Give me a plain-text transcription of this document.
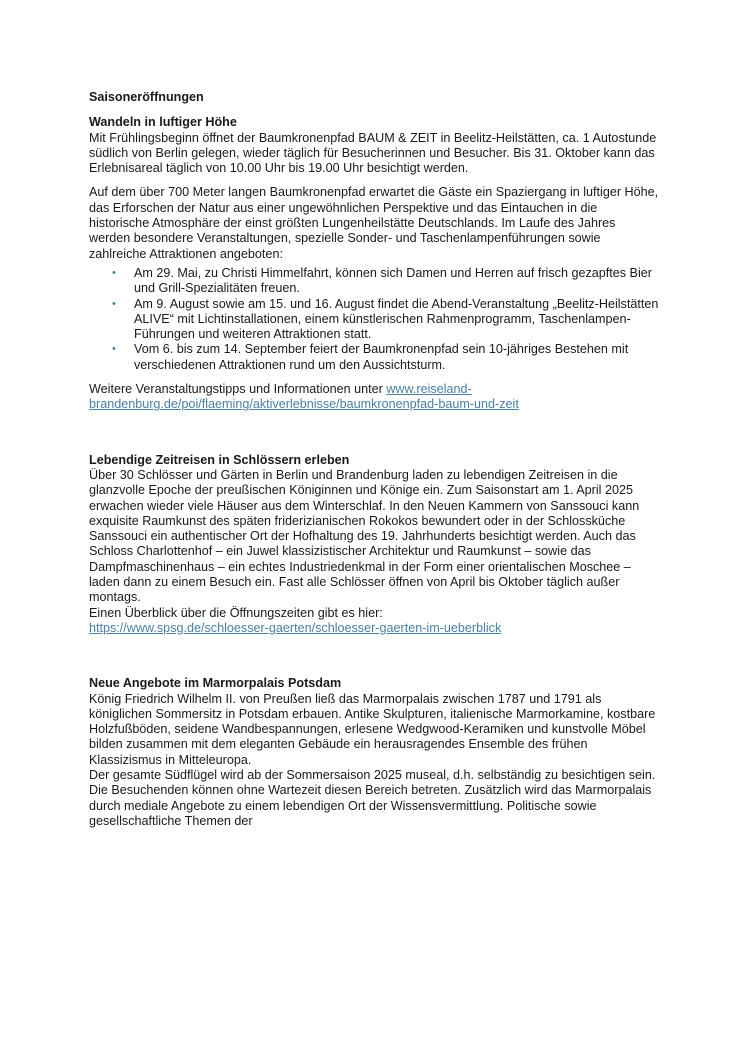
Saisoneröffnungen

Wandeln in luftiger Höhe

Mit Frühlingsbeginn öffnet der Baumkronenpfad BAUM & ZEIT in Beelitz-Heilstätten, ca. 1 Autostunde südlich von Berlin gelegen, wieder täglich für Besucherinnen und Besucher. Bis 31. Oktober kann das Erlebnisareal täglich von 10.00 Uhr bis 19.00 Uhr besichtigt werden.

Auf dem über 700 Meter langen Baumkronenpfad erwartet die Gäste ein Spaziergang in luftiger Höhe, das Erforschen der Natur aus einer ungewöhnlichen Perspektive und das Eintauchen in die historische Atmosphäre der einst größten Lungenheilstätte Deutschlands. Im Laufe des Jahres werden besondere Veranstaltungen, spezielle Sonder- und Taschenlampenführungen sowie zahlreiche Attraktionen angeboten:

• Am 29. Mai, zu Christi Himmelfahrt, können sich Damen und Herren auf frisch gezapftes Bier und Grill-Spezialitäten freuen.
• Am 9. August sowie am 15. und 16. August findet die Abend-Veranstaltung „Beelitz-Heilstätten ALIVE“ mit Lichtinstallationen, einem künstlerischen Rahmenprogramm, Taschenlampen-Führungen und weiteren Attraktionen statt.
• Vom 6. bis zum 14. September feiert der Baumkronenpfad sein 10-jähriges Bestehen mit verschiedenen Attraktionen rund um den Aussichtsturm.

Weitere Veranstaltungstipps und Informationen unter www.reiseland-brandenburg.de/poi/flaeming/aktiverlebnisse/baumkronenpfad-baum-und-zeit

Lebendige Zeitreisen in Schlössern erleben

Über 30 Schlösser und Gärten in Berlin und Brandenburg laden zu lebendigen Zeitreisen in die glanzvolle Epoche der preußischen Königinnen und Könige ein. Zum Saisonstart am 1. April 2025 erwachen wieder viele Häuser aus dem Winterschlaf. In den Neuen Kammern von Sanssouci kann exquisite Raumkunst des späten friderizianischen Rokokos bewundert oder in der Schlossküche Sanssouci ein authentischer Ort der Hofhaltung des 19. Jahrhunderts besichtigt werden. Auch das Schloss Charlottenhof – ein Juwel klassizistischer Architektur und Raumkunst – sowie das Dampfmaschinenhaus – ein echtes Industriedenkmal in der Form einer orientalischen Moschee – laden dann zu einem Besuch ein. Fast alle Schlösser öffnen von April bis Oktober täglich außer montags.

Einen Überblick über die Öffnungszeiten gibt es hier:

https://www.spsg.de/schloesser-gaerten/schloesser-gaerten-im-ueberblick

Neue Angebote im Marmorpalais Potsdam

König Friedrich Wilhelm II. von Preußen ließ das Marmorpalais zwischen 1787 und 1791 als königlichen Sommersitz in Potsdam erbauen. Antike Skulpturen, italienische Marmorkamine, kostbare Holzfußböden, seidene Wandbespannungen, erlesene Wedgwood-Keramiken und kunstvolle Möbel bilden zusammen mit dem eleganten Gebäude ein herausragendes Ensemble des frühen Klassizismus in Mitteleuropa.

Der gesamte Südflügel wird ab der Sommersaison 2025 museal, d.h. selbständig zu besichtigen sein. Die Besuchenden können ohne Wartezeit diesen Bereich betreten. Zusätzlich wird das Marmorpalais durch mediale Angebote zu einem lebendigen Ort der Wissensvermittlung. Politische sowie gesellschaftliche Themen der
